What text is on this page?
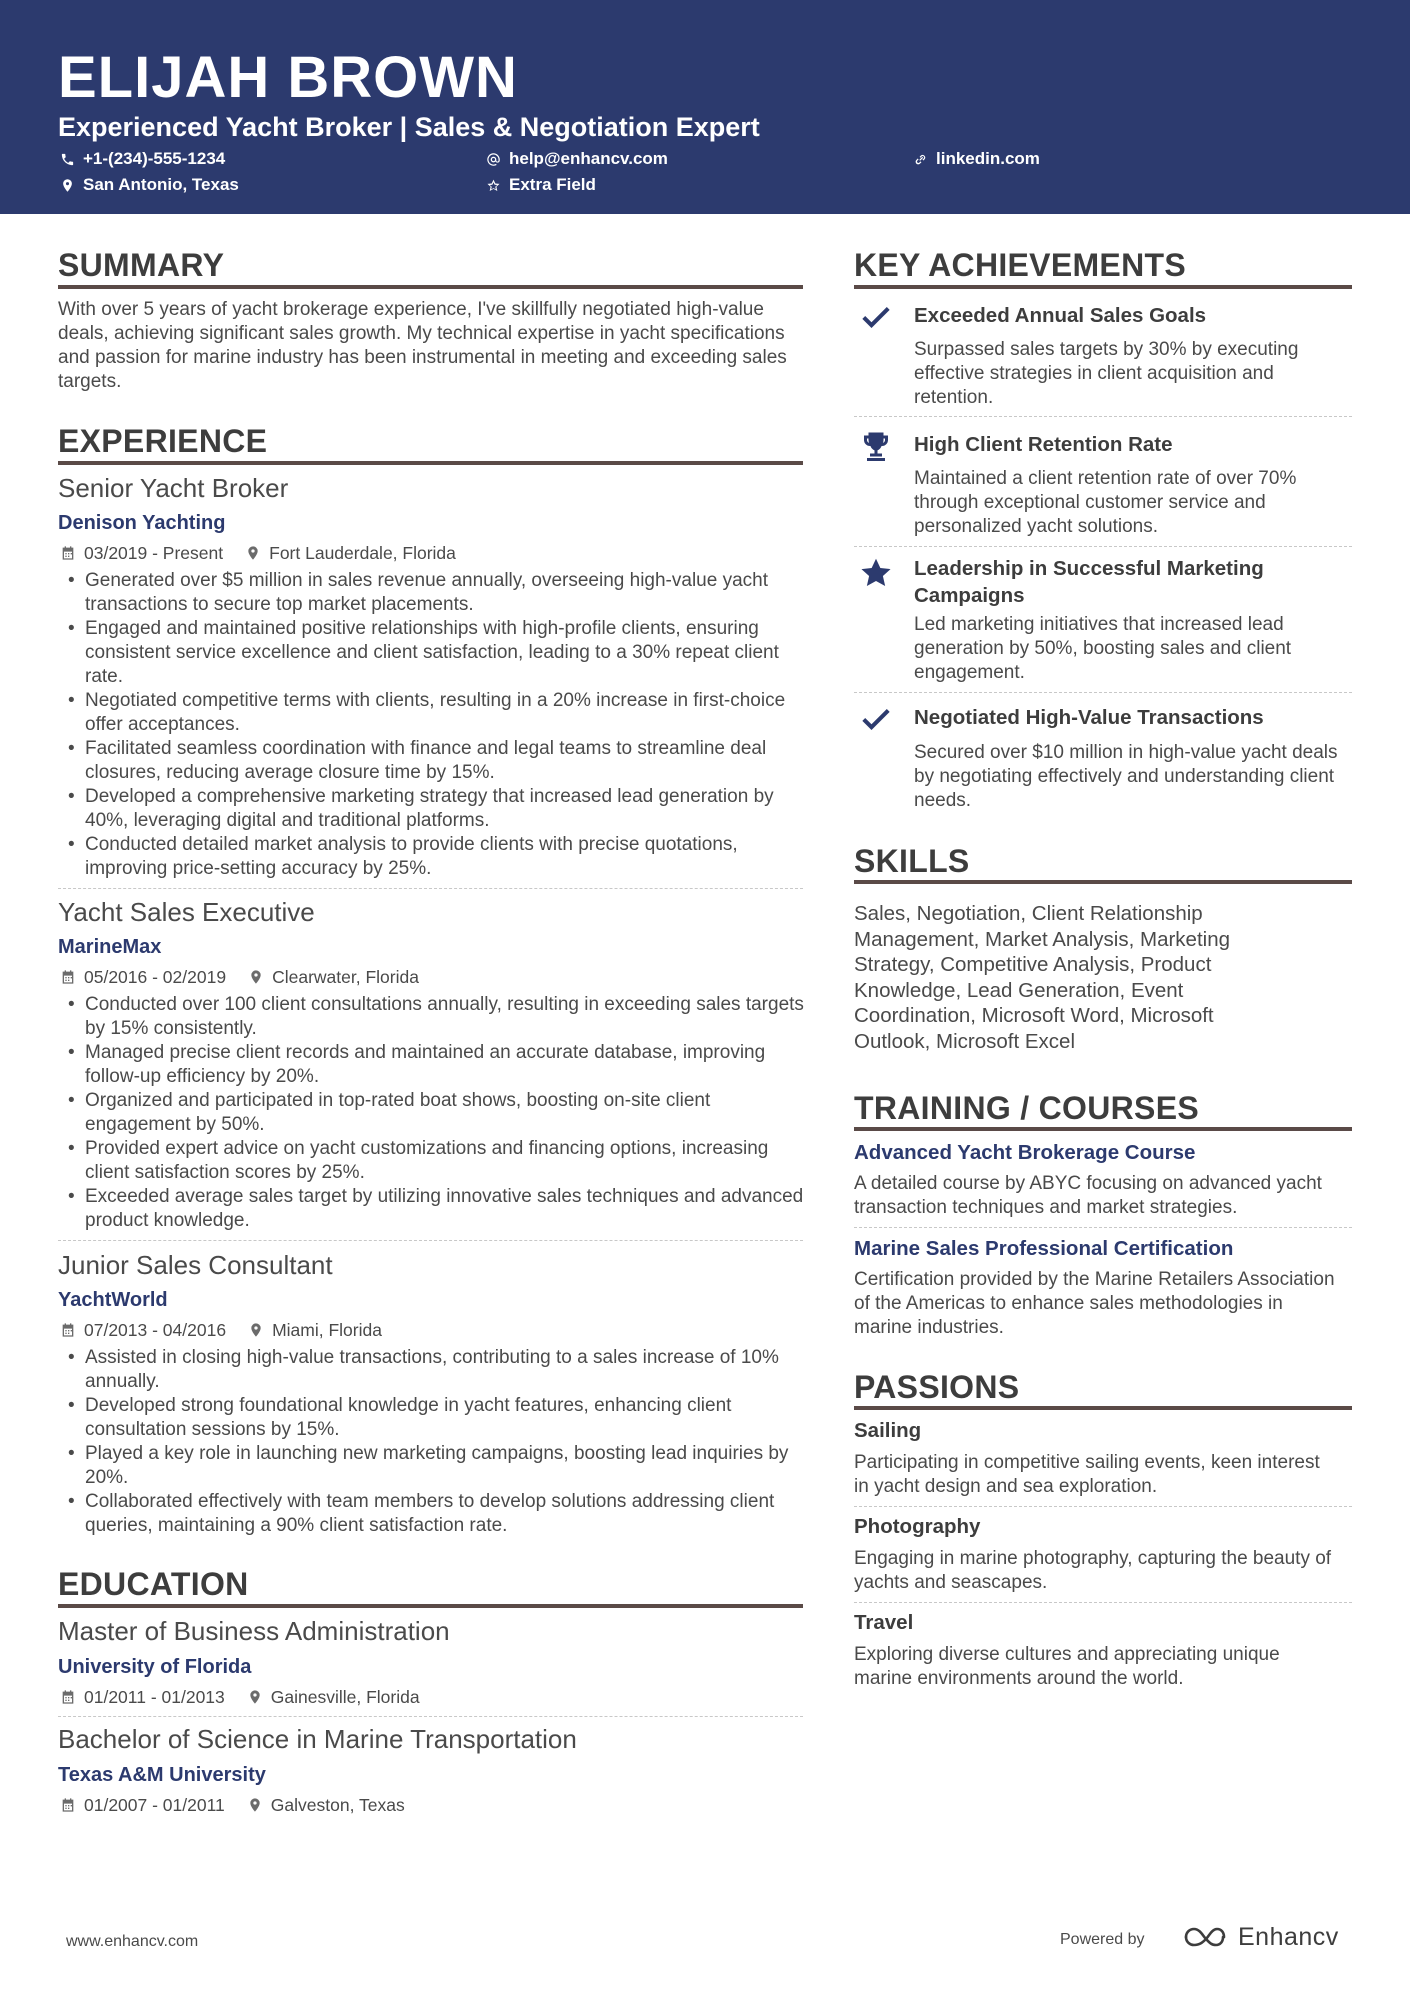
ELIJAH BROWN
Experienced Yacht Broker | Sales & Negotiation Expert
+1-(234)-555-1234	help@enhancv.com	linkedin.com
San Antonio, Texas	Extra Field
SUMMARY
With over 5 years of yacht brokerage experience, I've skillfully negotiated high-value deals, achieving significant sales growth. My technical expertise in yacht specifications and passion for marine industry has been instrumental in meeting and exceeding sales targets.
EXPERIENCE
Senior Yacht Broker
Denison Yachting
03/2019 - Present	Fort Lauderdale, Florida
• Generated over $5 million in sales revenue annually, overseeing high-value yacht transactions to secure top market placements.
• Engaged and maintained positive relationships with high-profile clients, ensuring consistent service excellence and client satisfaction, leading to a 30% repeat client rate.
• Negotiated competitive terms with clients, resulting in a 20% increase in first-choice offer acceptances.
• Facilitated seamless coordination with finance and legal teams to streamline deal closures, reducing average closure time by 15%.
• Developed a comprehensive marketing strategy that increased lead generation by 40%, leveraging digital and traditional platforms.
• Conducted detailed market analysis to provide clients with precise quotations, improving price-setting accuracy by 25%.
Yacht Sales Executive
MarineMax
05/2016 - 02/2019	Clearwater, Florida
• Conducted over 100 client consultations annually, resulting in exceeding sales targets by 15% consistently.
• Managed precise client records and maintained an accurate database, improving follow-up efficiency by 20%.
• Organized and participated in top-rated boat shows, boosting on-site client engagement by 50%.
• Provided expert advice on yacht customizations and financing options, increasing client satisfaction scores by 25%.
• Exceeded average sales target by utilizing innovative sales techniques and advanced product knowledge.
Junior Sales Consultant
YachtWorld
07/2013 - 04/2016	Miami, Florida
• Assisted in closing high-value transactions, contributing to a sales increase of 10% annually.
• Developed strong foundational knowledge in yacht features, enhancing client consultation sessions by 15%.
• Played a key role in launching new marketing campaigns, boosting lead inquiries by 20%.
• Collaborated effectively with team members to develop solutions addressing client queries, maintaining a 90% client satisfaction rate.
EDUCATION
Master of Business Administration
University of Florida
01/2011 - 01/2013	Gainesville, Florida
Bachelor of Science in Marine Transportation
Texas A&M University
01/2007 - 01/2011	Galveston, Texas
KEY ACHIEVEMENTS
Exceeded Annual Sales Goals
Surpassed sales targets by 30% by executing effective strategies in client acquisition and retention.
High Client Retention Rate
Maintained a client retention rate of over 70% through exceptional customer service and personalized yacht solutions.
Leadership in Successful Marketing Campaigns
Led marketing initiatives that increased lead generation by 50%, boosting sales and client engagement.
Negotiated High-Value Transactions
Secured over $10 million in high-value yacht deals by negotiating effectively and understanding client needs.
SKILLS
Sales, Negotiation, Client Relationship Management, Market Analysis, Marketing Strategy, Competitive Analysis, Product Knowledge, Lead Generation, Event Coordination, Microsoft Word, Microsoft Outlook, Microsoft Excel
TRAINING / COURSES
Advanced Yacht Brokerage Course
A detailed course by ABYC focusing on advanced yacht transaction techniques and market strategies.
Marine Sales Professional Certification
Certification provided by the Marine Retailers Association of the Americas to enhance sales methodologies in marine industries.
PASSIONS
Sailing
Participating in competitive sailing events, keen interest in yacht design and sea exploration.
Photography
Engaging in marine photography, capturing the beauty of yachts and seascapes.
Travel
Exploring diverse cultures and appreciating unique marine environments around the world.
www.enhancv.com	Powered by	Enhancv
